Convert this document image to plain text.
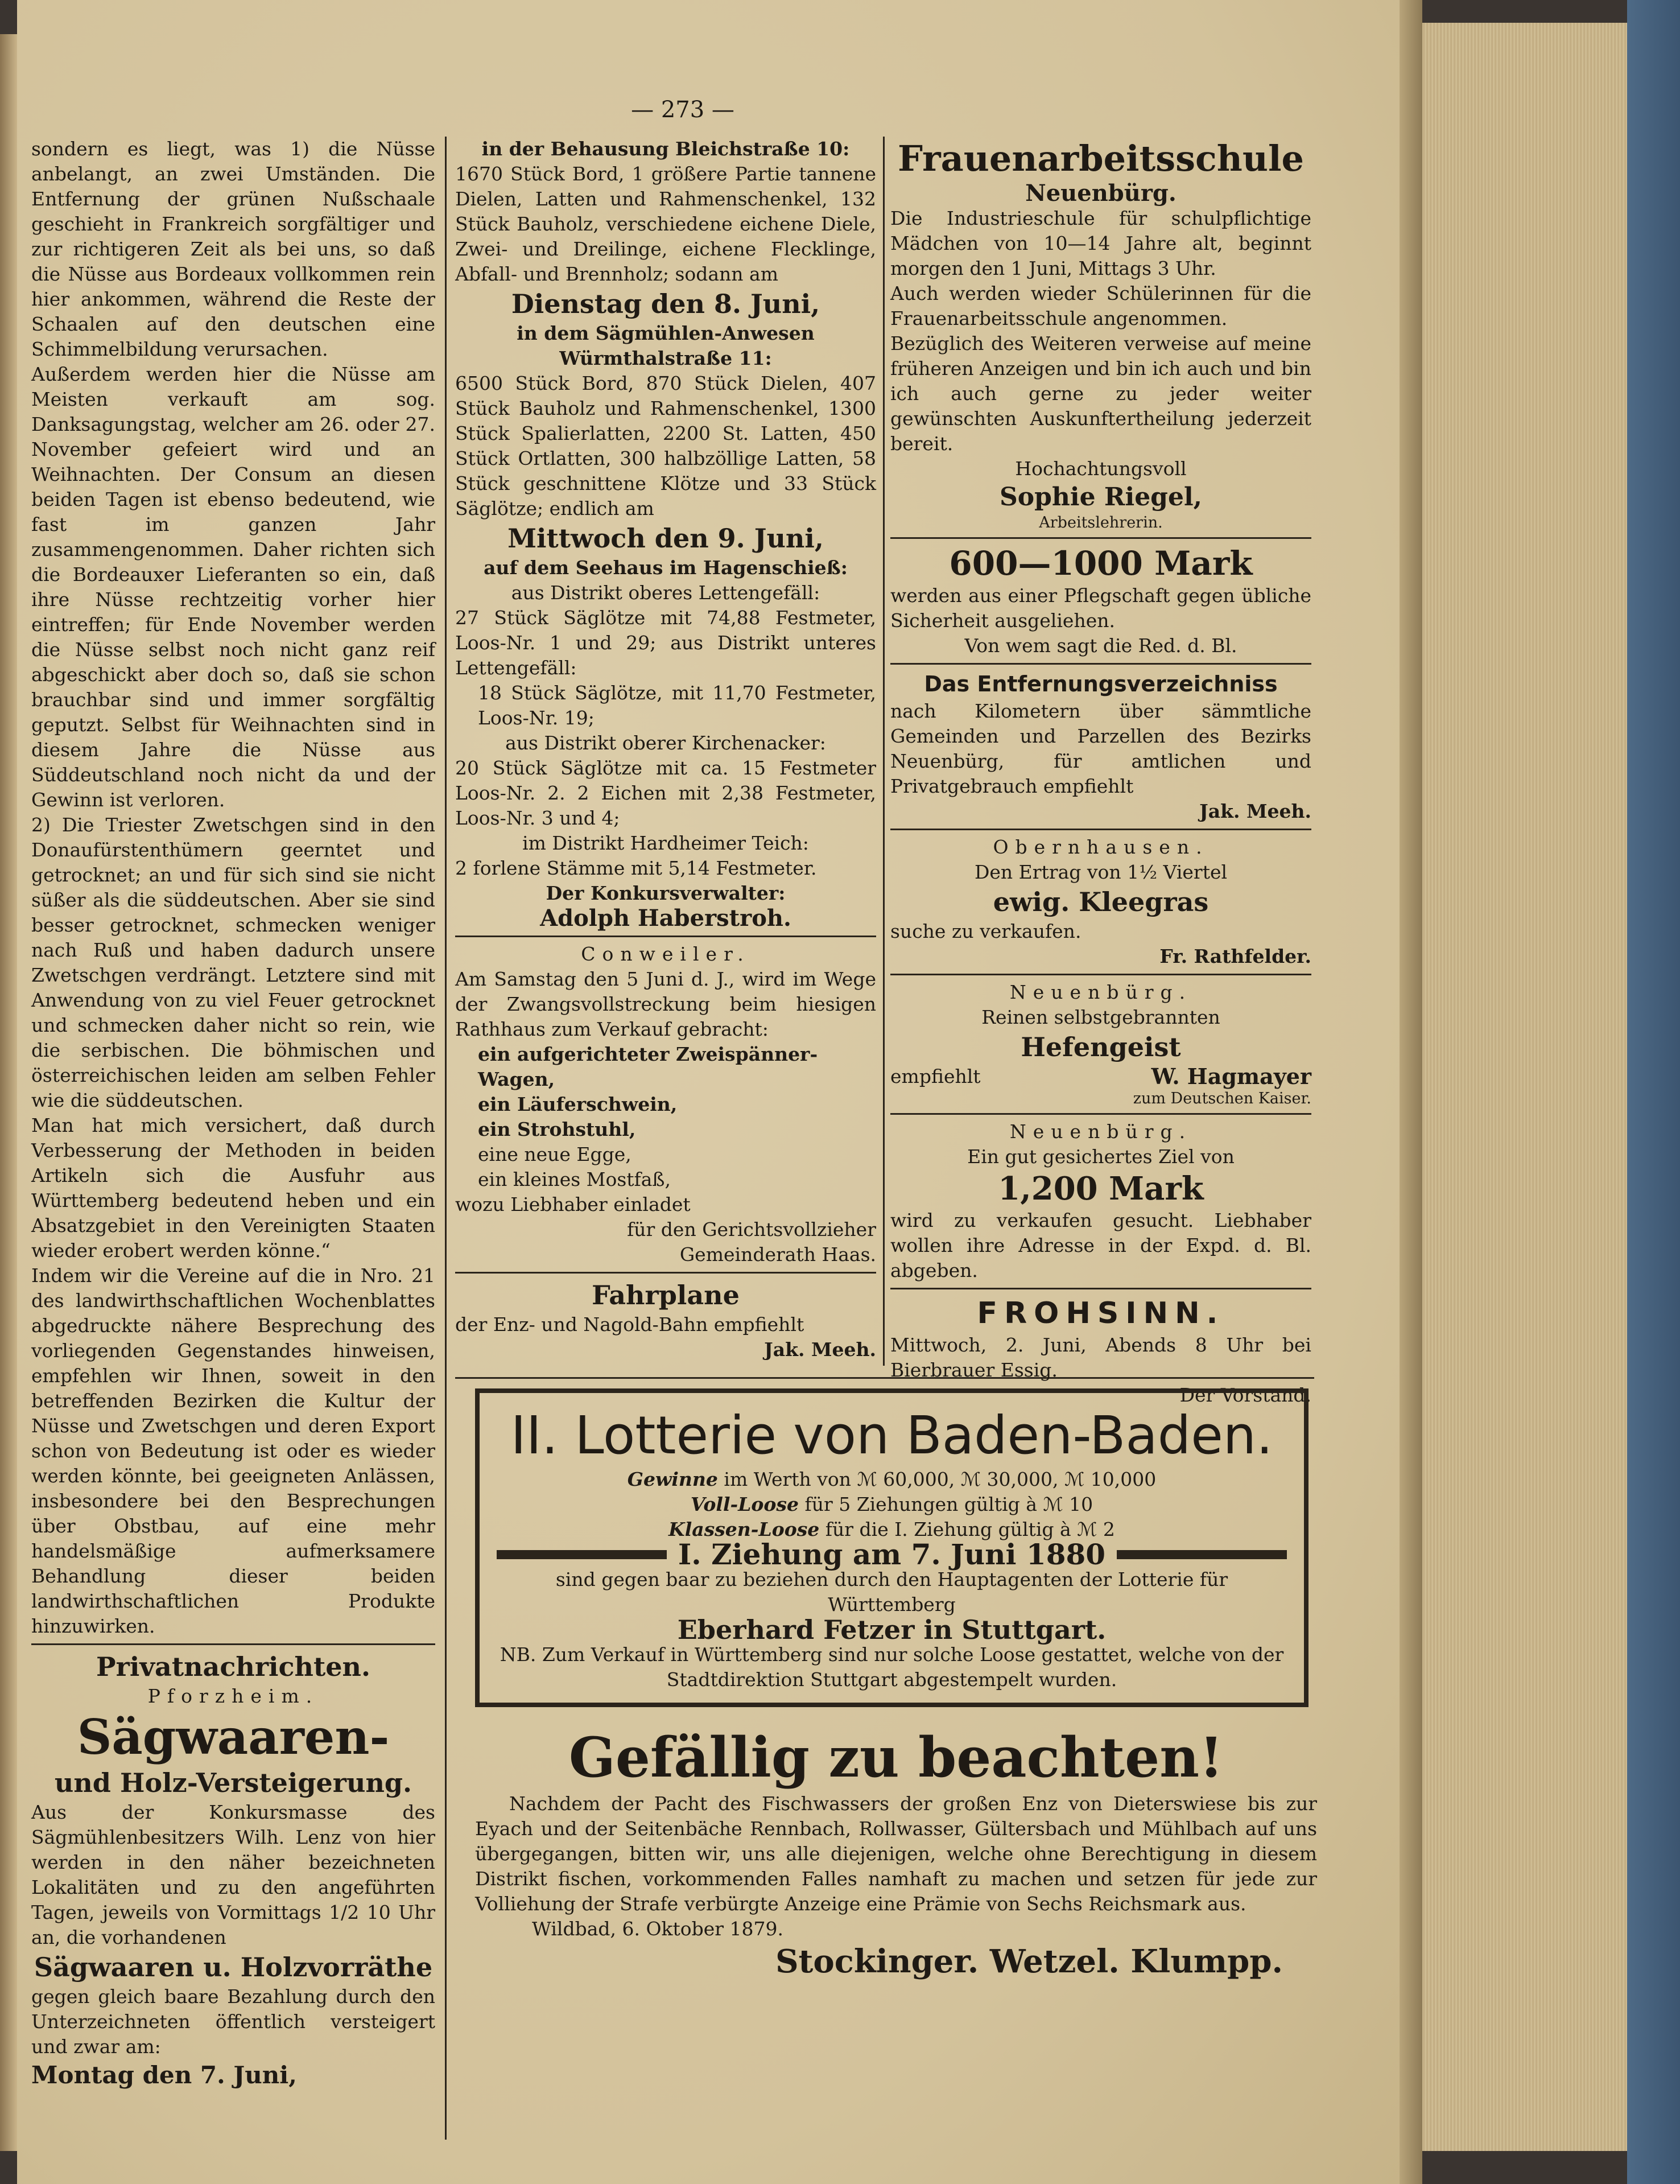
— 273 —

sondern es liegt, was 1) die Nüsse anbelangt, an zwei Umständen. Die Entfernung der grünen Nußschaale geschieht in Frankreich sorgfältiger und zur richtigeren Zeit als bei uns, so daß die Nüsse aus Bordeaux vollkommen rein hier ankommen, während die Reste der Schaalen auf den deutschen eine Schimmelbildung verursachen.

Außerdem werden hier die Nüsse am Meisten verkauft am sog. Danksagungstag, welcher am 26. oder 27. November gefeiert wird und an Weihnachten. Der Consum an diesen beiden Tagen ist ebenso bedeutend, wie fast im ganzen Jahr zusammengenommen. Daher richten sich die Bordeauxer Lieferanten so ein, daß ihre Nüsse rechtzeitig vorher hier eintreffen; für Ende November werden die Nüsse selbst noch nicht ganz reif abgeschickt aber doch so, daß sie schon brauchbar sind und immer sorgfältig geputzt. Selbst für Weihnachten sind in diesem Jahre die Nüsse aus Süddeutschland noch nicht da und der Gewinn ist verloren.

2) Die Triester Zwetschgen sind in den Donaufürstenthümern geerntet und getrocknet; an und für sich sind sie nicht süßer als die süddeutschen. Aber sie sind besser getrocknet, schmecken weniger nach Ruß und haben dadurch unsere Zwetschgen verdrängt. Letztere sind mit Anwendung von zu viel Feuer getrocknet und schmecken daher nicht so rein, wie die serbischen. Die böhmischen und österreichischen leiden am selben Fehler wie die süddeutschen.

Man hat mich versichert, daß durch Verbesserung der Methoden in beiden Artikeln sich die Ausfuhr aus Württemberg bedeutend heben und ein Absatzgebiet in den Vereinigten Staaten wieder erobert werden könne.“

Indem wir die Vereine auf die in Nro. 21 des landwirthschaftlichen Wochenblattes abgedruckte nähere Besprechung des vorliegenden Gegenstandes hinweisen, empfehlen wir Ihnen, soweit in den betreffenden Bezirken die Kultur der Nüsse und Zwetschgen und deren Export schon von Bedeutung ist oder es wieder werden könnte, bei geeigneten Anlässen, insbesondere bei den Besprechungen über Obstbau, auf eine mehr handelsmäßige aufmerksamere Behandlung dieser beiden landwirthschaftlichen Produkte hinzuwirken.

Privatnachrichten.
Pforzheim.
Sägwaaren-
und Holz-Versteigerung.

Aus der Konkursmasse des Sägmühlenbesitzers Wilh. Lenz von hier werden in den näher bezeichneten Lokalitäten und zu den angeführten Tagen, jeweils von Vormittags 1/2 10 Uhr an, die vorhandenen

Sägwaaren u. Holzvorräthe

gegen gleich baare Bezahlung durch den Unterzeichneten öffentlich versteigert und zwar am:

Montag den 7. Juni,
in der Behausung Bleichstraße 10:

1670 Stück Bord, 1 größere Partie tannene Dielen, Latten und Rahmenschenkel, 132 Stück Bauholz, verschiedene eichene Diele, Zwei- und Dreilinge, eichene Flecklinge, Abfall- und Brennholz; sodann am

Dienstag den 8. Juni,
in dem Sägmühlen-Anwesen Würmthalstraße 11:

6500 Stück Bord, 870 Stück Dielen, 407 Stück Bauholz und Rahmenschenkel, 1300 Stück Spalierlatten, 2200 St. Latten, 450 Stück Ortlatten, 300 halbzöllige Latten, 58 Stück geschnittene Klötze und 33 Stück Säglötze; endlich am

Mittwoch den 9. Juni,
auf dem Seehaus im Hagenschieß:
aus Distrikt oberes Lettengefäll:

27 Stück Säglötze mit 74,88 Festmeter, Loos-Nr. 1 und 29; aus Distrikt unteres Lettengefäll:

18 Stück Säglötze, mit 11,70 Festmeter, Loos-Nr. 19;

aus Distrikt oberer Kirchenacker:

20 Stück Säglötze mit ca. 15 Festmeter Loos-Nr. 2. 2 Eichen mit 2,38 Festmeter, Loos-Nr. 3 und 4;

im Distrikt Hardheimer Teich:

2 forlene Stämme mit 5,14 Festmeter.

Der Konkursverwalter:
Adolph Haberstroh.
Conweiler.

Am Samstag den 5 Juni d. J., wird im Wege der Zwangsvollstreckung beim hiesigen Rathhaus zum Verkauf gebracht:

ein aufgerichteter Zweispänner-Wagen,
ein Läuferschwein,
ein Strohstuhl,
eine neue Egge,
ein kleines Mostfaß,
wozu Liebhaber einladet
für den Gerichtsvollzieher
Gemeinderath Haas.
Fahrplane
der Enz- und Nagold-Bahn empfiehlt
Jak. Meeh.
Frauenarbeitsschule
Neuenbürg.

Die Industrieschule für schulpflichtige Mädchen von 10—14 Jahre alt, beginnt morgen den 1 Juni, Mittags 3 Uhr.

Auch werden wieder Schülerinnen für die Frauenarbeitsschule angenommen.

Bezüglich des Weiteren verweise auf meine früheren Anzeigen und bin ich auch und bin ich auch gerne zu jeder weiter gewünschten Auskunftertheilung jederzeit bereit.

Hochachtungsvoll
Sophie Riegel,
Arbeitslehrerin.
600—1000 Mark

werden aus einer Pflegschaft gegen übliche Sicherheit ausgeliehen.

Von wem sagt die Red. d. Bl.
Das Entfernungsverzeichniss

nach Kilometern über sämmtliche Gemeinden und Parzellen des Bezirks Neuenbürg, für amtlichen und Privatgebrauch empfiehlt

Jak. Meeh.
Obernhausen.
Den Ertrag von 1½ Viertel
ewig. Kleegras
suche zu verkaufen.
Fr. Rathfelder.
Neuenbürg.
Reinen selbstgebrannten
Hefengeist
empfiehlt	W. Hagmayer
zum Deutschen Kaiser.
Neuenbürg.
Ein gut gesichertes Ziel von
1,200 Mark

wird zu verkaufen gesucht. Liebhaber wollen ihre Adresse in der Expd. d. Bl. abgeben.

FROHSINN.

Mittwoch, 2. Juni, Abends 8 Uhr bei Bierbrauer Essig.

Der Vorstand.
II. Lotterie von Baden-Baden.
Gewinne im Werth von ℳ 60,000, ℳ 30,000, ℳ 10,000
Voll-Loose für 5 Ziehungen gültig à ℳ 10
Klassen-Loose für die I. Ziehung gültig à ℳ 2
I. Ziehung am 7. Juni 1880
sind gegen baar zu beziehen durch den Hauptagenten der Lotterie für Württemberg
Eberhard Fetzer in Stuttgart.
NB. Zum Verkauf in Württemberg sind nur solche Loose gestattet, welche von der Stadtdirektion Stuttgart abgestempelt wurden.
Gefällig zu beachten!

Nachdem der Pacht des Fischwassers der großen Enz von Dieterswiese bis zur Eyach und der Seitenbäche Rennbach, Rollwasser, Gültersbach und Mühlbach auf uns übergegangen, bitten wir, uns alle diejenigen, welche ohne Berechtigung in diesem Distrikt fischen, vorkommenden Falles namhaft zu machen und setzen für jede zur Volliehung der Strafe verbürgte Anzeige eine Prämie von Sechs Reichsmark aus.

Wildbad, 6. Oktober 1879.
Stockinger. Wetzel. Klumpp.
